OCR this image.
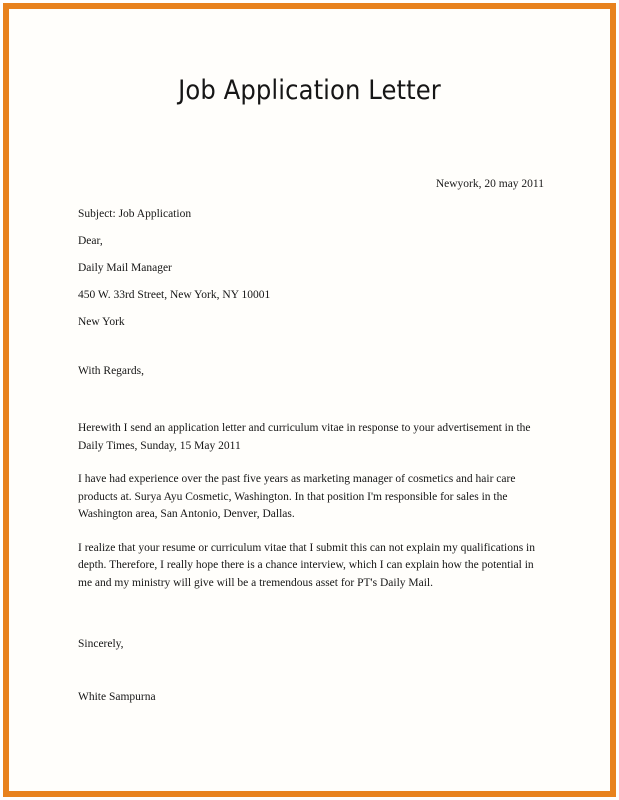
Job Application Letter
Newyork, 20 may 2011
Subject: Job Application
Dear,
Daily Mail Manager
450 W. 33rd Street, New York, NY 10001
New York
With Regards,
Herewith I send an application letter and curriculum vitae in response to your advertisement in the Daily Times, Sunday, 15 May 2011
I have had experience over the past five years as marketing manager of cosmetics and hair care products at. Surya Ayu Cosmetic, Washington. In that position I'm responsible for sales in the Washington area, San Antonio, Denver, Dallas.
I realize that your resume or curriculum vitae that I submit this can not explain my qualifications in depth. Therefore, I really hope there is a chance interview, which I can explain how the potential in me and my ministry will give will be a tremendous asset for PT's Daily Mail.
Sincerely,
White Sampurna
